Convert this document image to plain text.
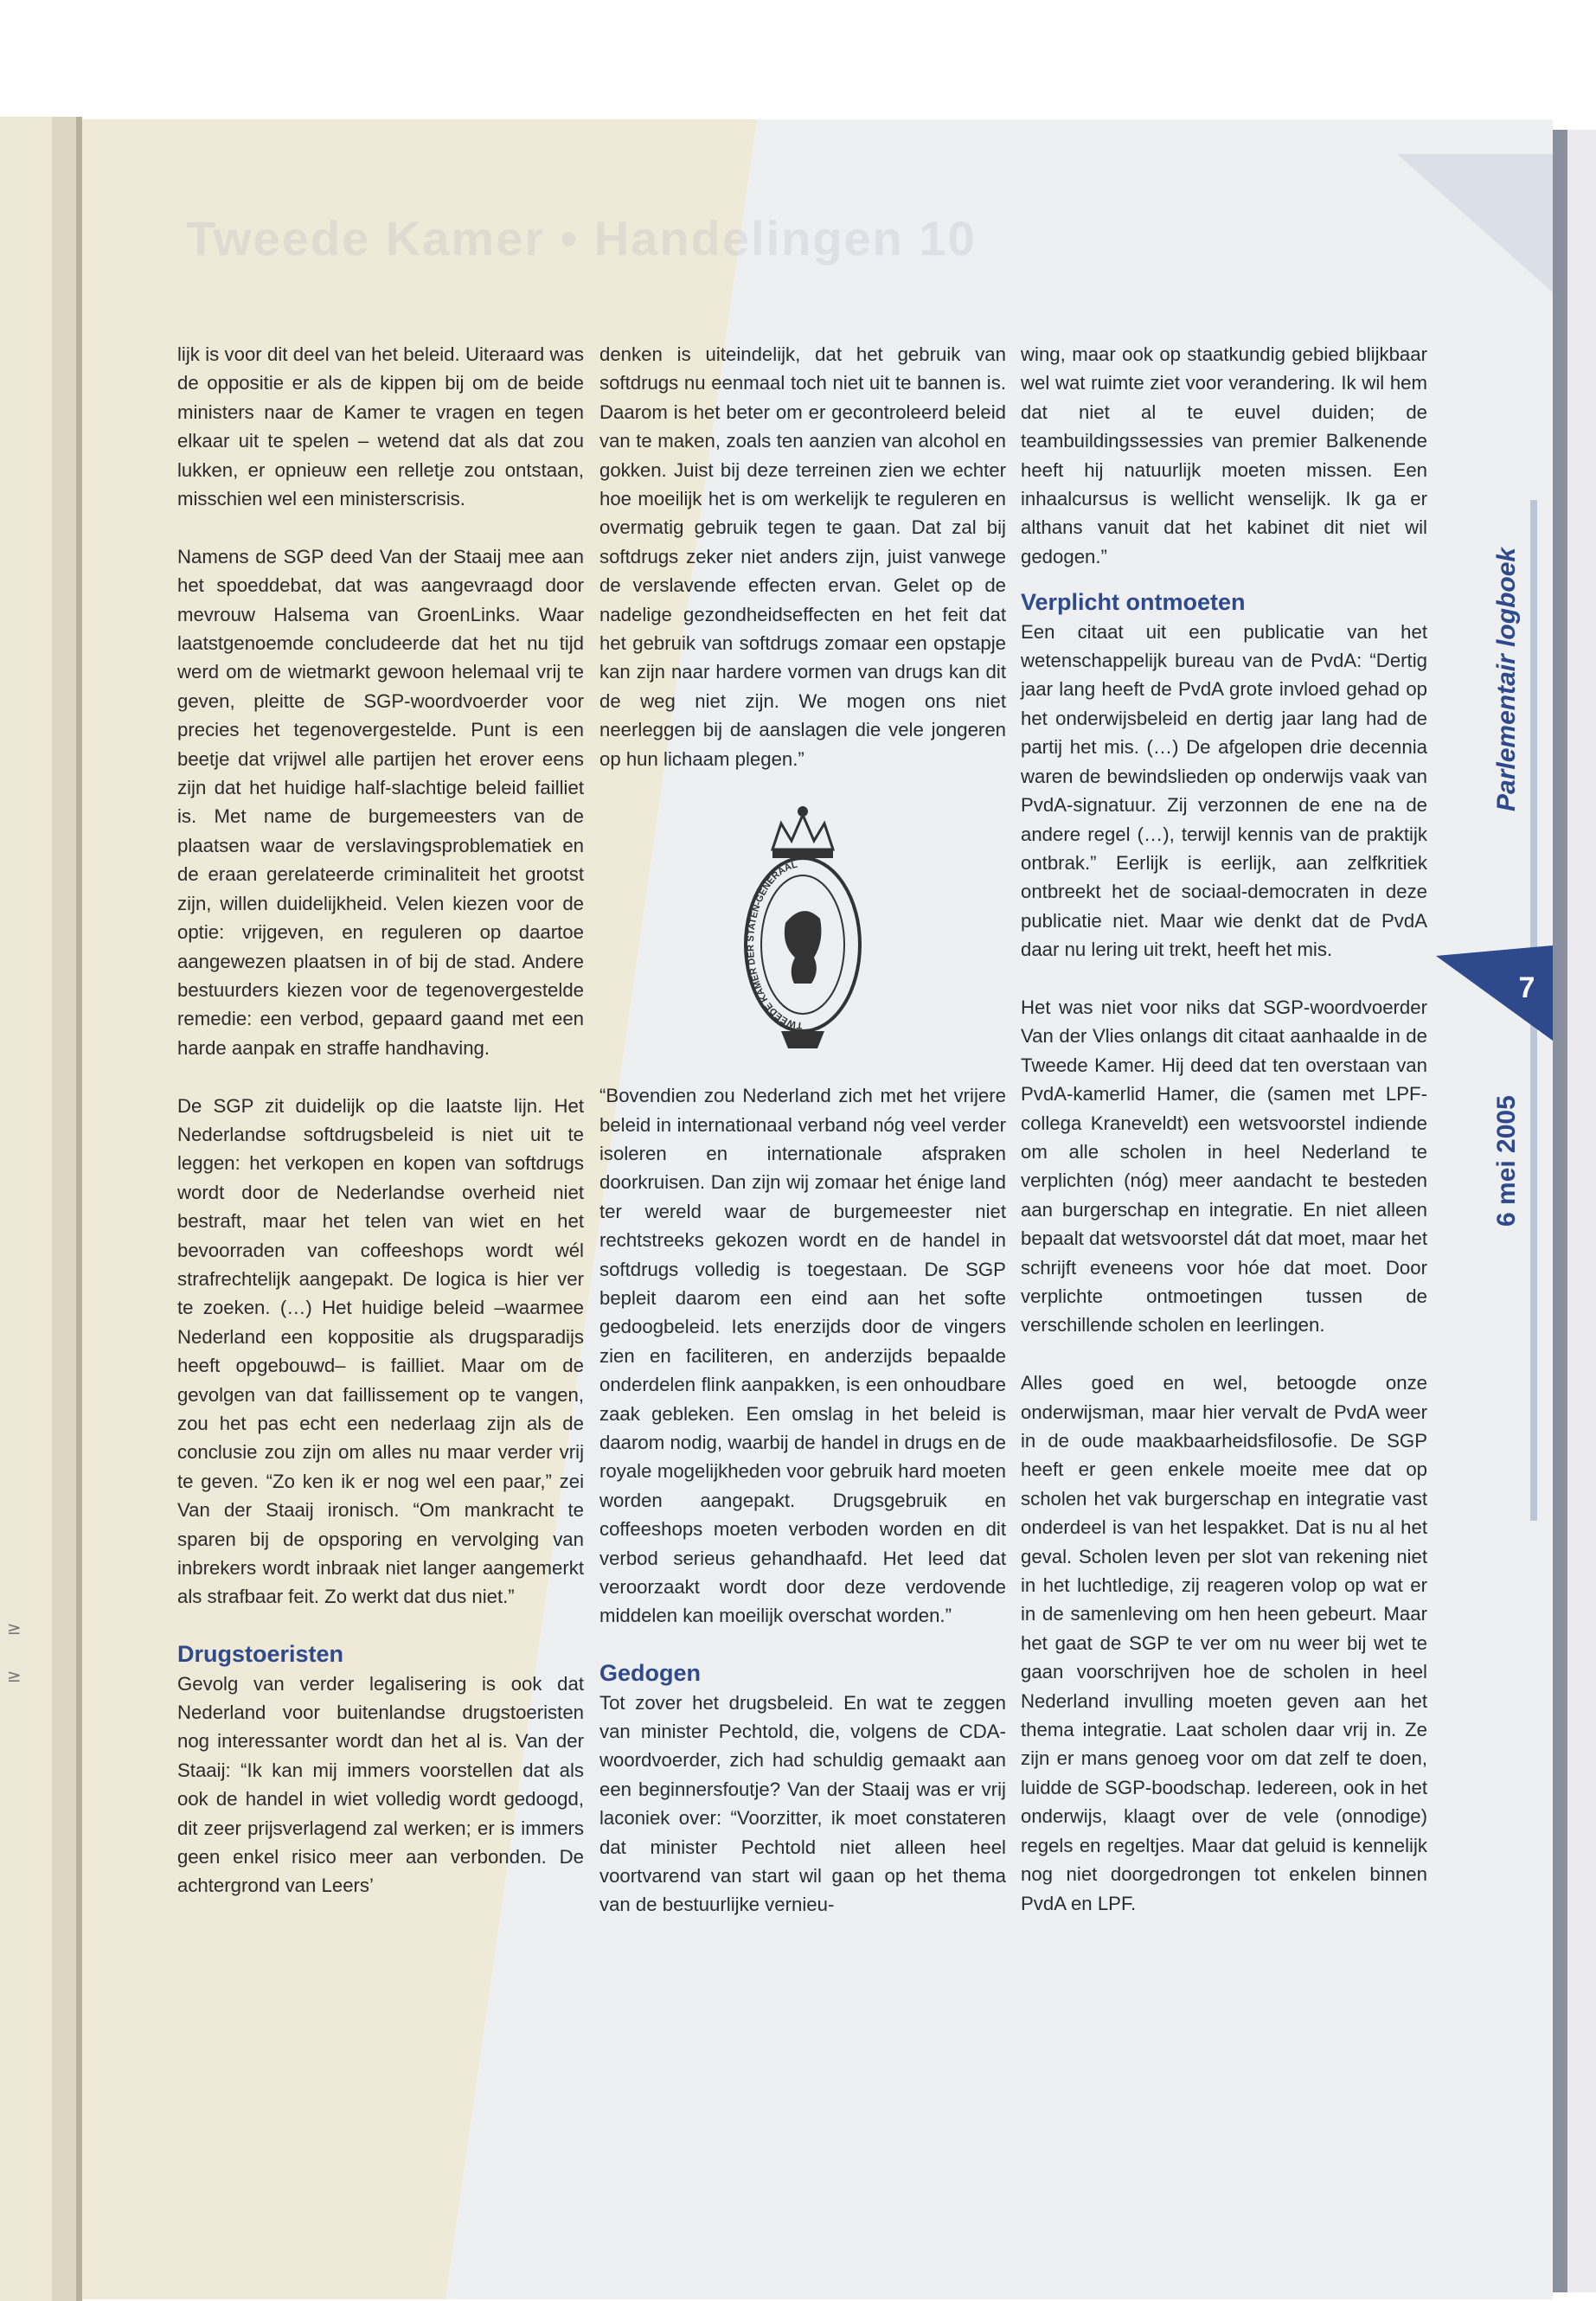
≥
≥
Tweede Kamer • Handelingen 10

lijk is voor dit deel van het beleid. Uiteraard was de oppositie er als de kippen bij om de beide ministers naar de Kamer te vragen en tegen elkaar uit te spelen – wetend dat als dat zou lukken, er opnieuw een relletje zou ontstaan, misschien wel een ministerscrisis.

Namens de SGP deed Van der Staaij mee aan het spoeddebat, dat was aangevraagd door mevrouw Halsema van GroenLinks. Waar laatstgenoemde concludeerde dat het nu tijd werd om de wietmarkt gewoon helemaal vrij te geven, pleitte de SGP-woordvoerder voor precies het tegenovergestelde. Punt is een beetje dat vrijwel alle partijen het erover eens zijn dat het huidige half-slachtige beleid failliet is. Met name de burgemeesters van de plaatsen waar de verslavingsproblematiek en de eraan gerelateerde criminaliteit het grootst zijn, willen duidelijkheid. Velen kiezen voor de optie: vrijgeven, en reguleren op daartoe aangewezen plaatsen in of bij de stad. Andere bestuurders kiezen voor de tegenovergestelde remedie: een verbod, gepaard gaand met een harde aanpak en straffe handhaving.

De SGP zit duidelijk op die laatste lijn. Het Nederlandse softdrugsbeleid is niet uit te leggen: het verkopen en kopen van softdrugs wordt door de Nederlandse overheid niet bestraft, maar het telen van wiet en het bevoorraden van coffeeshops wordt wél strafrechtelijk aangepakt. De logica is hier ver te zoeken. (…) Het huidige beleid –waarmee Nederland een koppositie als drugsparadijs heeft opgebouwd– is failliet. Maar om de gevolgen van dat faillissement op te vangen, zou het pas echt een nederlaag zijn als de conclusie zou zijn om alles nu maar verder vrij te geven. “Zo ken ik er nog wel een paar,” zei Van der Staaij ironisch. “Om mankracht te sparen bij de opsporing en vervolging van inbrekers wordt inbraak niet langer aangemerkt als strafbaar feit. Zo werkt dat dus niet.”

Drugstoeristen

Gevolg van verder legalisering is ook dat Nederland voor buitenlandse drugstoeristen nog interessanter wordt dan het al is. Van der Staaij: “Ik kan mij immers voorstellen dat als ook de handel in wiet volledig wordt gedoogd, dit zeer prijsverlagend zal werken; er is immers geen enkel risico meer aan verbonden. De achtergrond van Leers’

denken is uiteindelijk, dat het gebruik van softdrugs nu eenmaal toch niet uit te bannen is. Daarom is het beter om er gecontroleerd beleid van te maken, zoals ten aanzien van alcohol en gokken. Juist bij deze terreinen zien we echter hoe moeilijk het is om werkelijk te reguleren en overmatig gebruik tegen te gaan. Dat zal bij softdrugs zeker niet anders zijn, juist vanwege de verslavende effecten ervan. Gelet op de nadelige gezondheidseffecten en het feit dat het gebruik van softdrugs zomaar een opstapje kan zijn naar hardere vormen van drugs kan dit de weg niet zijn. We mogen ons niet neerleggen bij de aanslagen die vele jongeren op hun lichaam plegen.”

TWEEDE KAMER DER STATEN-GENERAAL

“Bovendien zou Nederland zich met het vrijere beleid in internationaal verband nóg veel verder isoleren en internationale afspraken doorkruisen. Dan zijn wij zomaar het énige land ter wereld waar de burgemeester niet rechtstreeks gekozen wordt en de handel in softdrugs volledig is toegestaan. De SGP bepleit daarom een eind aan het softe gedoogbeleid. Iets enerzijds door de vingers zien en faciliteren, en anderzijds bepaalde onderdelen flink aanpakken, is een onhoudbare zaak gebleken. Een omslag in het beleid is daarom nodig, waarbij de handel in drugs en de royale mogelijkheden voor gebruik hard moeten worden aangepakt. Drugsgebruik en coffeeshops moeten verboden worden en dit verbod serieus gehandhaafd. Het leed dat veroorzaakt wordt door deze verdovende middelen kan moeilijk overschat worden.”

Gedogen

Tot zover het drugsbeleid. En wat te zeggen van minister Pechtold, die, volgens de CDA-woordvoerder, zich had schuldig gemaakt aan een beginnersfoutje? Van der Staaij was er vrij laconiek over: “Voorzitter, ik moet constateren dat minister Pechtold niet alleen heel voortvarend van start wil gaan op het thema van de bestuurlijke vernieu-

wing, maar ook op staatkundig gebied blijkbaar wel wat ruimte ziet voor verandering. Ik wil hem dat niet al te euvel duiden; de teambuildingssessies van premier Balkenende heeft hij natuurlijk moeten missen. Een inhaalcursus is wellicht wenselijk. Ik ga er althans vanuit dat het kabinet dit niet wil gedogen.”

Verplicht ontmoeten

Een citaat uit een publicatie van het wetenschappelijk bureau van de PvdA: “Dertig jaar lang heeft de PvdA grote invloed gehad op het onderwijsbeleid en dertig jaar lang had de partij het mis. (…) De afgelopen drie decennia waren de bewindslieden op onderwijs vaak van PvdA-signatuur. Zij verzonnen de ene na de andere regel (…), terwijl kennis van de praktijk ontbrak.” Eerlijk is eerlijk, aan zelfkritiek ontbreekt het de sociaal-democraten in deze publicatie niet. Maar wie denkt dat de PvdA daar nu lering uit trekt, heeft het mis.

Het was niet voor niks dat SGP-woordvoerder Van der Vlies onlangs dit citaat aanhaalde in de Tweede Kamer. Hij deed dat ten overstaan van PvdA-kamerlid Hamer, die (samen met LPF-collega Kraneveldt) een wetsvoorstel indiende om alle scholen in heel Nederland te verplichten (nóg) meer aandacht te besteden aan burgerschap en integratie. En niet alleen bepaalt dat wetsvoorstel dát dat moet, maar het schrijft eveneens voor hóe dat moet. Door verplichte ontmoetingen tussen de verschillende scholen en leerlingen.

Alles goed en wel, betoogde onze onderwijsman, maar hier vervalt de PvdA weer in de oude maakbaarheidsfilosofie. De SGP heeft er geen enkele moeite mee dat op scholen het vak burgerschap en integratie vast onderdeel is van het lespakket. Dat is nu al het geval. Scholen leven per slot van rekening niet in het luchtledige, zij reageren volop op wat er in de samenleving om hen heen gebeurt. Maar het gaat de SGP te ver om nu weer bij wet te gaan voorschrijven hoe de scholen in heel Nederland invulling moeten geven aan het thema integratie. Laat scholen daar vrij in. Ze zijn er mans genoeg voor om dat zelf te doen, luidde de SGP-boodschap. Iedereen, ook in het onderwijs, klaagt over de vele (onnodige) regels en regeltjes. Maar dat geluid is kennelijk nog niet doorgedrongen tot enkelen binnen PvdA en LPF.

7
Parlementair logboek
6 mei 2005
